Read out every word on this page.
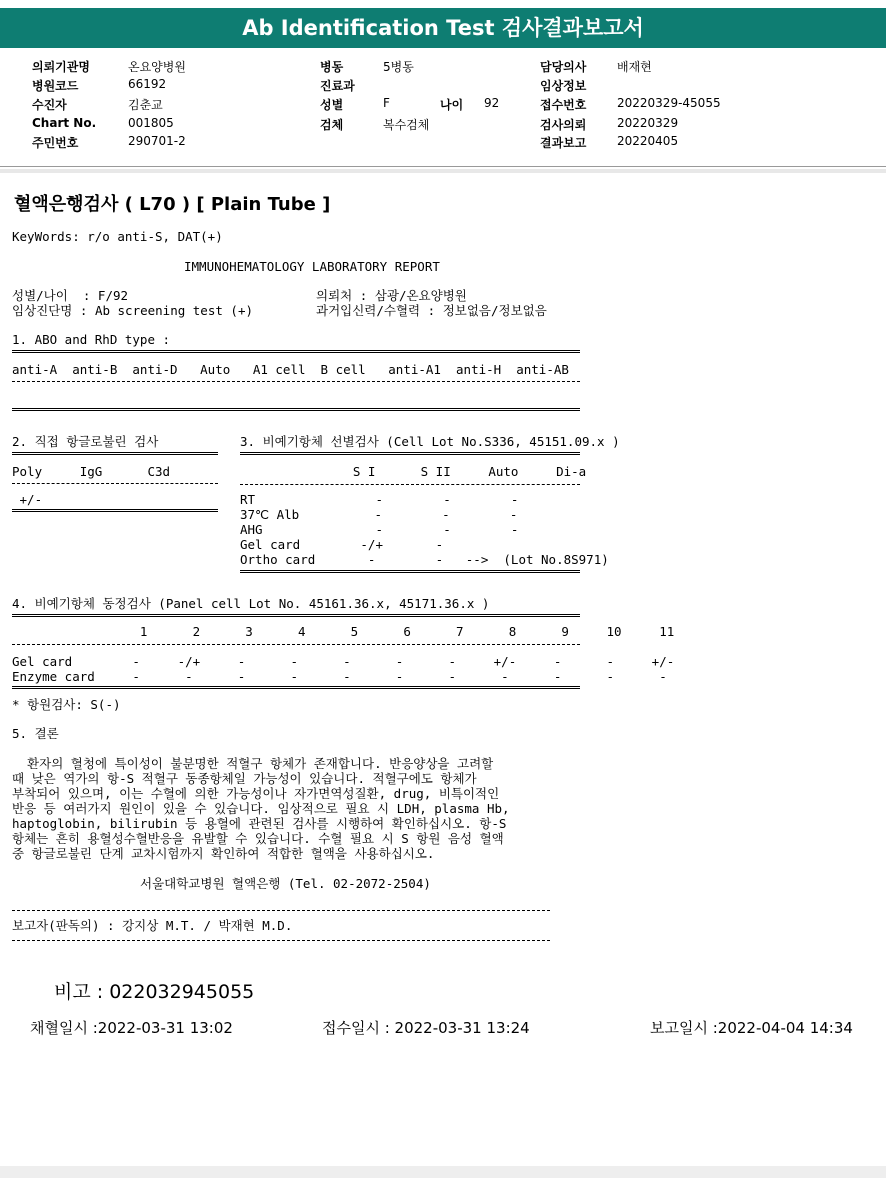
Ab Identification Test 검사결과보고서
의뢰기관명	온요양병원
병원코드	66192
수진자	김춘교
Chart No.	001805
주민번호	290701-2
병동	5병동
진료과
성별	F	나이 92
검체	복수검체
담당의사	배재현
임상정보
접수번호	20220329-45055
검사의뢰	20220329
결과보고	20220405
혈액은행검사 ( L70 ) [ Plain Tube ]
KeyWords: r/o anti-S, DAT(+)
IMMUNOHEMATOLOGY LABORATORY REPORT
성별/나이  : F/92
임상진단명 : Ab screening test (+)
의뢰처 : 삼광/온요양병원
과거입신력/수혈력 : 정보없음/정보없음
1. ABO and RhD type :
anti-A  anti-B  anti-D   Auto   A1 cell  B cell   anti-A1  anti-H  anti-AB
2. 직접 항글로불린 검사
Poly     IgG      C3d
+/-
3. 비예기항체 선별검사 (Cell Lot No.S336, 45151.09.x )
S I      S II     Auto     Di-a
RT                -        -        -
37℃ Alb          -        -        -
AHG               -        -        -
Gel card        -/+       -
Ortho card       -        -   -->  (Lot No.8S971)
4. 비예기항체 동정검사 (Panel cell Lot No. 45161.36.x, 45171.36.x )
1      2      3      4      5      6      7      8      9     10     11
Gel card        -     -/+     -      -      -      -      -     +/-     -      -     +/-
Enzyme card     -      -      -      -      -      -      -      -      -      -      -
* 항원검사: S(-)
5. 결론
환자의 혈청에 특이성이 불분명한 적혈구 항체가 존재합니다. 반응양상을 고려할
때 낮은 역가의 항-S 적혈구 동종항체일 가능성이 있습니다. 적혈구에도 항체가
부착되어 있으며, 이는 수혈에 의한 가능성이나 자가면역성질환, drug, 비특이적인
반응 등 여러가지 원인이 있을 수 있습니다. 임상적으로 필요 시 LDH, plasma Hb,
haptoglobin, bilirubin 등 용혈에 관련된 검사를 시행하여 확인하십시오. 항-S
항체는 흔히 용혈성수혈반응을 유발할 수 있습니다. 수혈 필요 시 S 항원 음성 혈액
중 항글로불린 단계 교차시험까지 확인하여 적합한 혈액을 사용하십시오.
서울대학교병원 혈액은행 (Tel. 02-2072-2504)
보고자(판독의) : 강지상 M.T. / 박재현 M.D.
비고 : 022032945055
채혈일시 :2022-03-31 13:02	접수일시 : 2022-03-31 13:24	보고일시 :2022-04-04 14:34
